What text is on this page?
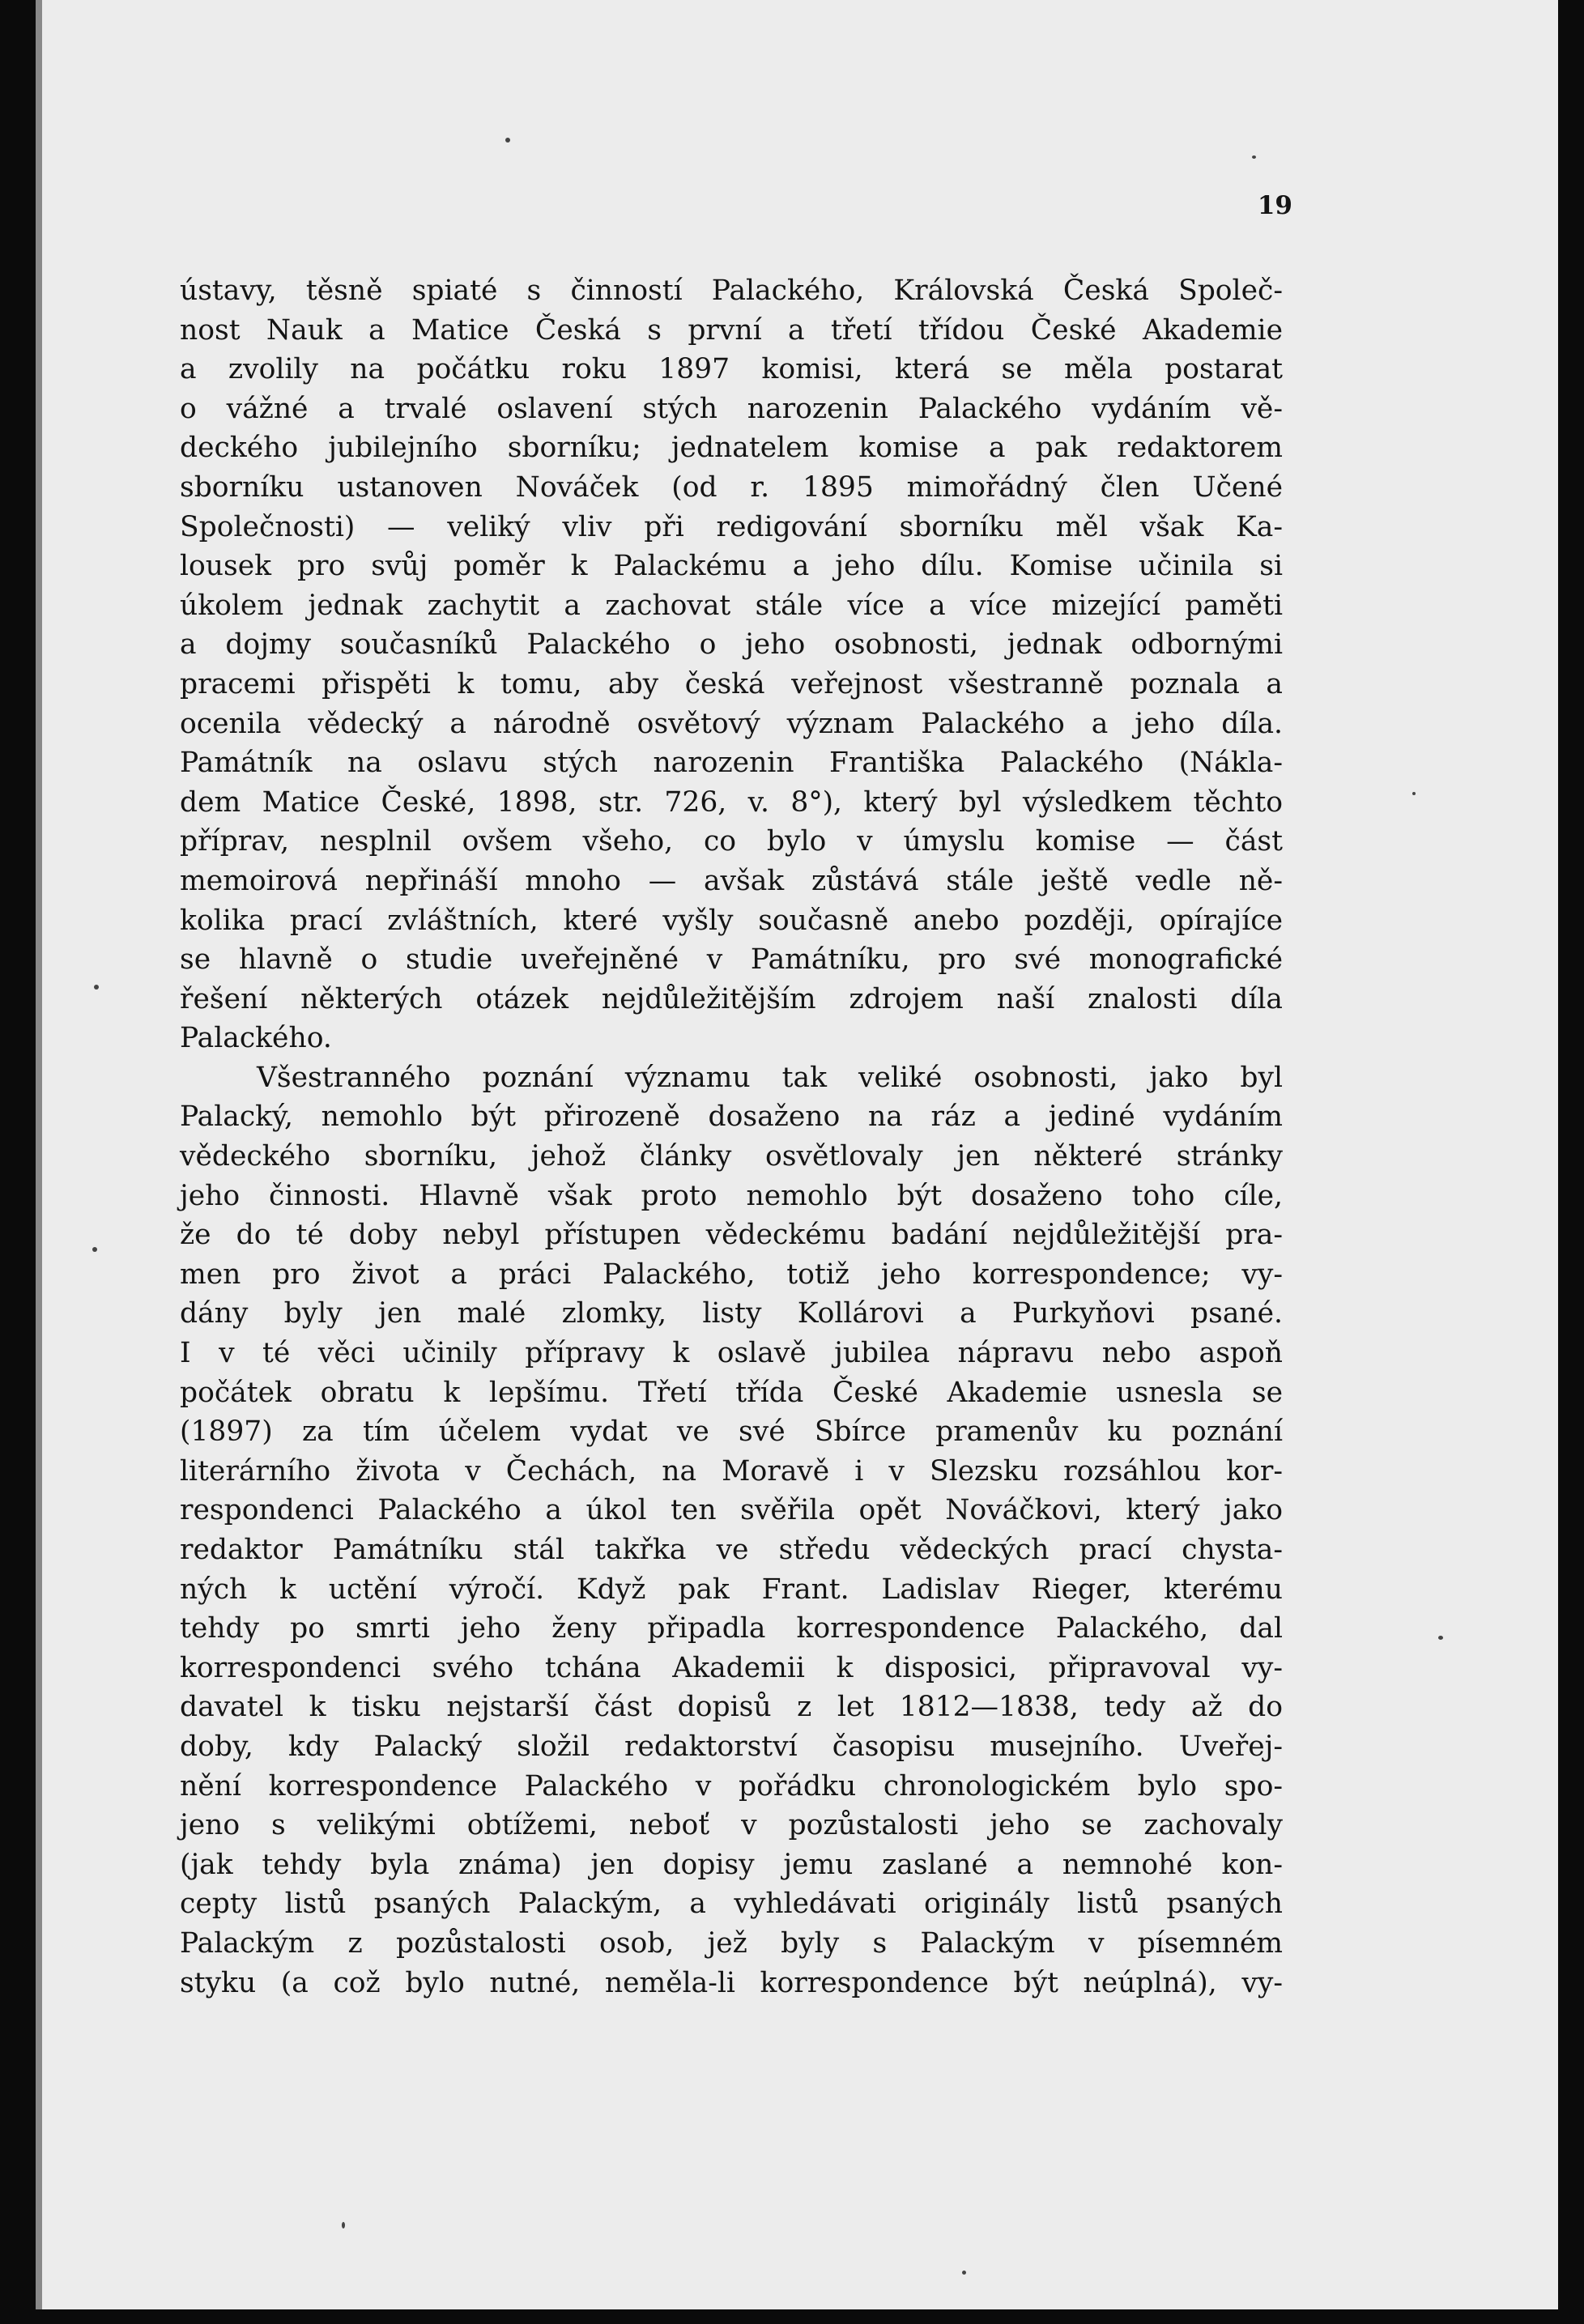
19
ústavy, těsně spiaté s činností Palackého, Královská Česká Společ-
nost Nauk a Matice Česká s první a třetí třídou České Akademie
a zvolily na počátku roku 1897 komisi, která se měla postarat
o vážné a trvalé oslavení stých narozenin Palackého vydáním vě-
deckého jubilejního sborníku; jednatelem komise a pak redaktorem
sborníku ustanoven Nováček (od r. 1895 mimořádný člen Učené
Společnosti) — veliký vliv při redigování sborníku měl však Ka-
lousek pro svůj poměr k Palackému a jeho dílu. Komise učinila si
úkolem jednak zachytit a zachovat stále více a více mizející paměti
a dojmy současníků Palackého o jeho osobnosti, jednak odbornými
pracemi přispěti k tomu, aby česká veřejnost všestranně poznala a
ocenila vědecký a národně osvětový význam Palackého a jeho díla.
Památník na oslavu stých narozenin Františka Palackého (Nákla-
dem Matice České, 1898, str. 726, v. 8°), který byl výsledkem těchto
příprav, nesplnil ovšem všeho, co bylo v úmyslu komise — část
memoirová nepřináší mnoho — avšak zůstává stále ještě vedle ně-
kolika prací zvláštních, které vyšly současně anebo později, opírajíce
se hlavně o studie uveřejněné v Památníku, pro své monografické
řešení některých otázek nejdůležitějším zdrojem naší znalosti díla
Palackého.
Všestranného poznání významu tak veliké osobnosti, jako byl
Palacký, nemohlo být přirozeně dosaženo na ráz a jediné vydáním
vědeckého sborníku, jehož články osvětlovaly jen některé stránky
jeho činnosti. Hlavně však proto nemohlo být dosaženo toho cíle,
že do té doby nebyl přístupen vědeckému badání nejdůležitější pra-
men pro život a práci Palackého, totiž jeho korrespondence; vy-
dány byly jen malé zlomky, listy Kollárovi a Purkyňovi psané.
I v té věci učinily přípravy k oslavě jubilea nápravu nebo aspoň
počátek obratu k lepšímu. Třetí třída České Akademie usnesla se
(1897) za tím účelem vydat ve své Sbírce pramenův ku poznání
literárního života v Čechách, na Moravě i v Slezsku rozsáhlou kor-
respondenci Palackého a úkol ten svěřila opět Nováčkovi, který jako
redaktor Památníku stál takřka ve středu vědeckých prací chysta-
ných k uctění výročí. Když pak Frant. Ladislav Rieger, kterému
tehdy po smrti jeho ženy připadla korrespondence Palackého, dal
korrespondenci svého tchána Akademii k disposici, připravoval vy-
davatel k tisku nejstarší část dopisů z let 1812—1838, tedy až do
doby, kdy Palacký složil redaktorství časopisu musejního. Uveřej-
nění korrespondence Palackého v pořádku chronologickém bylo spo-
jeno s velikými obtížemi, neboť v pozůstalosti jeho se zachovaly
(jak tehdy byla známa) jen dopisy jemu zaslané a nemnohé kon-
cepty listů psaných Palackým, a vyhledávati originály listů psaných
Palackým z pozůstalosti osob, jež byly s Palackým v písemném
styku (a což bylo nutné, neměla-li korrespondence být neúplná), vy-
